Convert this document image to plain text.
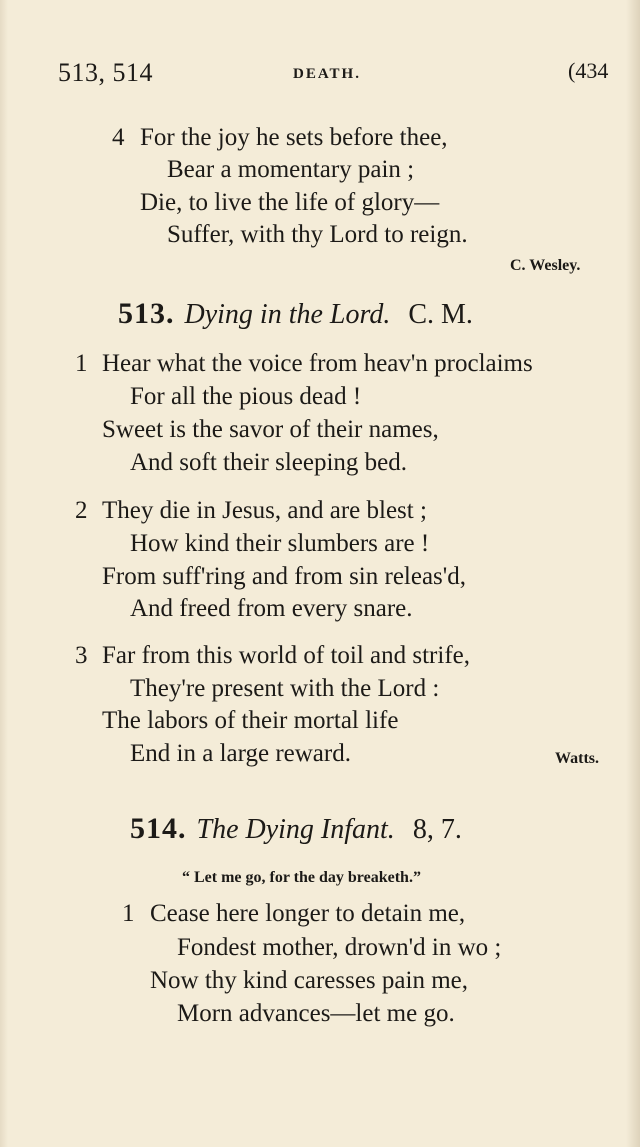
513, 514	DEATH.	(434
4 For the joy he sets before thee,
Bear a momentary pain ;
Die, to live the life of glory—
Suffer, with thy Lord to reign.
C. Wesley.
513. Dying in the Lord. C. M.
1 Hear what the voice from heav'n proclaims
For all the pious dead !
Sweet is the savor of their names,
And soft their sleeping bed.
2 They die in Jesus, and are blest ;
How kind their slumbers are !
From suff'ring and from sin releas'd,
And freed from every snare.
3 Far from this world of toil and strife,
They're present with the Lord :
The labors of their mortal life
End in a large reward.	Watts.
514. The Dying Infant. 8, 7.
“ Let me go, for the day breaketh.”
1 Cease here longer to detain me,
Fondest mother, drown'd in wo ;
Now thy kind caresses pain me,
Morn advances—let me go.
